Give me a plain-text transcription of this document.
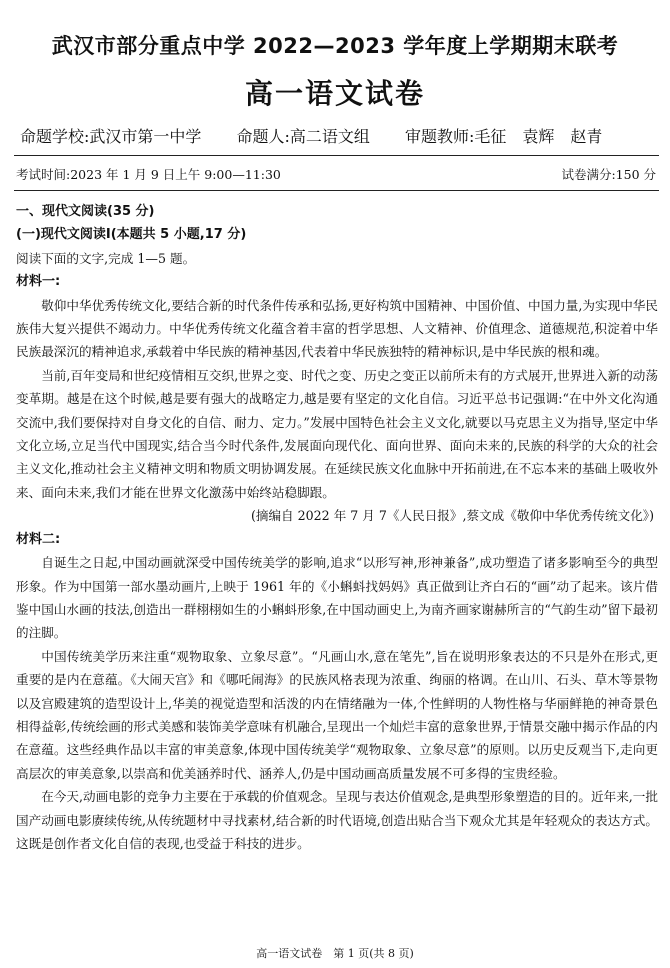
武汉市部分重点中学 2022—2023 学年度上学期期末联考
高一语文试卷
命题学校:武汉市第一中学 命题人:高二语文组 审题教师:毛征　袁辉　赵青
考试时间:2023 年 1 月 9 日上午 9:00—11:30	试卷满分:150 分
一、现代文阅读(35 分)
(一)现代文阅读Ⅰ(本题共 5 小题,17 分)
阅读下面的文字,完成 1—5 题。
材料一:

敬仰中华优秀传统文化,要结合新的时代条件传承和弘扬,更好构筑中国精神、中国价值、中国力量,为实现中华民族伟大复兴提供不竭动力。中华优秀传统文化蕴含着丰富的哲学思想、人文精神、价值理念、道德规范,积淀着中华民族最深沉的精神追求,承载着中华民族的精神基因,代表着中华民族独特的精神标识,是中华民族的根和魂。

当前,百年变局和世纪疫情相互交织,世界之变、时代之变、历史之变正以前所未有的方式展开,世界进入新的动荡变革期。越是在这个时候,越是要有强大的战略定力,越是要有坚定的文化自信。习近平总书记强调:“在中外文化沟通交流中,我们要保持对自身文化的自信、耐力、定力。”发展中国特色社会主义文化,就要以马克思主义为指导,坚定中华文化立场,立足当代中国现实,结合当今时代条件,发展面向现代化、面向世界、面向未来的,民族的科学的大众的社会主义文化,推动社会主义精神文明和物质文明协调发展。在延续民族文化血脉中开拓前进,在不忘本来的基础上吸收外来、面向未来,我们才能在世界文化激荡中始终站稳脚跟。

(摘编自 2022 年 7 月 7《人民日报》,蔡文成《敬仰中华优秀传统文化》)

材料二:

自诞生之日起,中国动画就深受中国传统美学的影响,追求“以形写神,形神兼备”,成功塑造了诸多影响至今的典型形象。作为中国第一部水墨动画片,上映于 1961 年的《小蝌蚪找妈妈》真正做到让齐白石的“画”动了起来。该片借鉴中国山水画的技法,创造出一群栩栩如生的小蝌蚪形象,在中国动画史上,为南齐画家谢赫所言的“气韵生动”留下最初的注脚。

中国传统美学历来注重“观物取象、立象尽意”。“凡画山水,意在笔先”,旨在说明形象表达的不只是外在形式,更重要的是内在意蕴。《大闹天宫》和《哪吒闹海》的民族风格表现为浓重、绚丽的格调。在山川、石头、草木等景物以及宫殿建筑的造型设计上,华美的视觉造型和活泼的内在情绪融为一体,个性鲜明的人物性格与华丽鲜艳的神奇景色相得益彰,传统绘画的形式美感和装饰美学意味有机融合,呈现出一个灿烂丰富的意象世界,于情景交融中揭示作品的内在意蕴。这些经典作品以丰富的审美意象,体现中国传统美学“观物取象、立象尽意”的原则。以历史反观当下,走向更高层次的审美意象,以崇高和优美涵养时代、涵养人,仍是中国动画高质量发展不可多得的宝贵经验。

在今天,动画电影的竞争力主要在于承载的价值观念。呈现与表达价值观念,是典型形象塑造的目的。近年来,一批国产动画电影赓续传统,从传统题材中寻找素材,结合新的时代语境,创造出贴合当下观众尤其是年轻观众的表达方式。这既是创作者文化自信的表现,也受益于科技的进步。

高一语文试卷　第 1 页(共 8 页)
